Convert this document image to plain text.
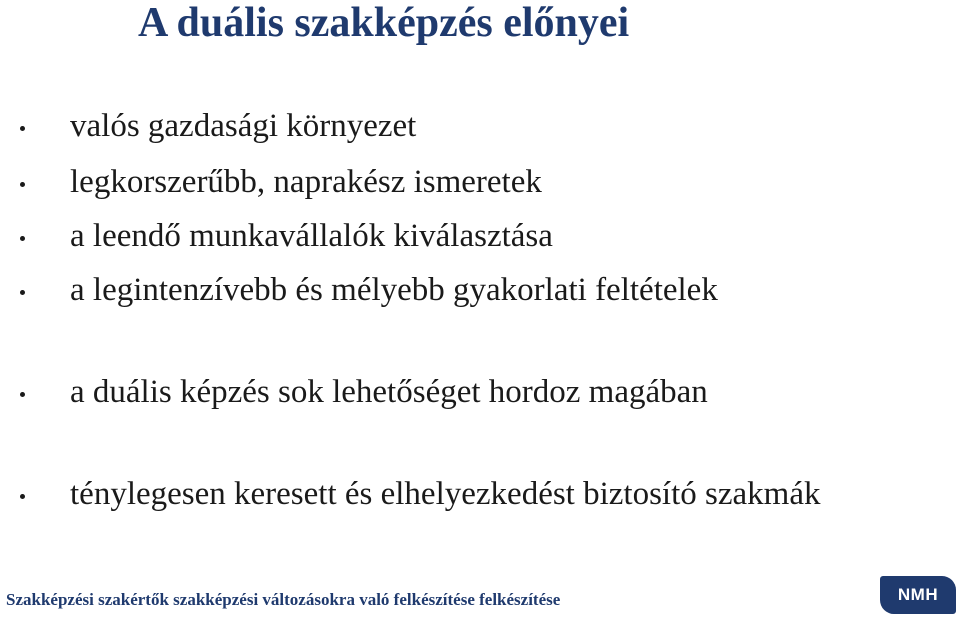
A duális szakképzés előnyei
valós gazdasági környezet
legkorszerűbb, naprakész ismeretek
a leendő munkavállalók kiválasztása
a legintenzívebb és mélyebb gyakorlati feltételek
a duális képzés sok lehetőséget hordoz magában
ténylegesen keresett és elhelyezkedést biztosító szakmák
Szakképzési szakértők szakképzési változásokra való felkészítése felkészítése	NMH
